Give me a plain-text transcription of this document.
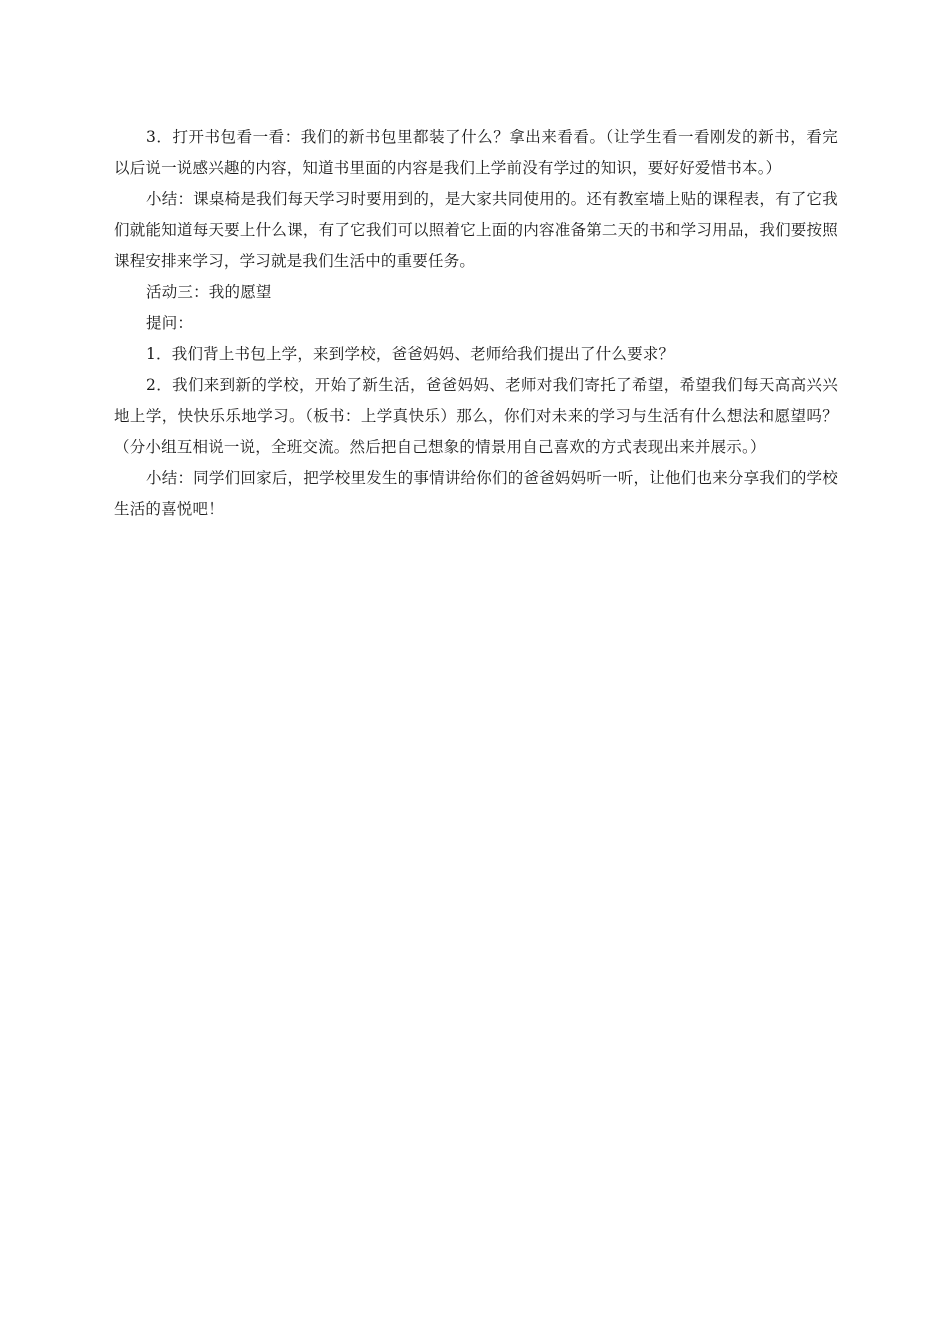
3．打开书包看一看：我们的新书包里都装了什么？拿出来看看。（让学生看一看刚发的新书，看完以后说一说感兴趣的内容，知道书里面的内容是我们上学前没有学过的知识，要好好爱惜书本。）

小结：课桌椅是我们每天学习时要用到的，是大家共同使用的。还有教室墙上贴的课程表，有了它我们就能知道每天要上什么课，有了它我们可以照着它上面的内容准备第二天的书和学习用品，我们要按照课程安排来学习，学习就是我们生活中的重要任务。

活动三：我的愿望

提问：

1．我们背上书包上学，来到学校，爸爸妈妈、老师给我们提出了什么要求？

2．我们来到新的学校，开始了新生活，爸爸妈妈、老师对我们寄托了希望，希望我们每天高高兴兴地上学，快快乐乐地学习。（板书：上学真快乐）那么，你们对未来的学习与生活有什么想法和愿望吗？（分小组互相说一说，全班交流。然后把自己想象的情景用自己喜欢的方式表现出来并展示。）

小结：同学们回家后，把学校里发生的事情讲给你们的爸爸妈妈听一听，让他们也来分享我们的学校生活的喜悦吧！
